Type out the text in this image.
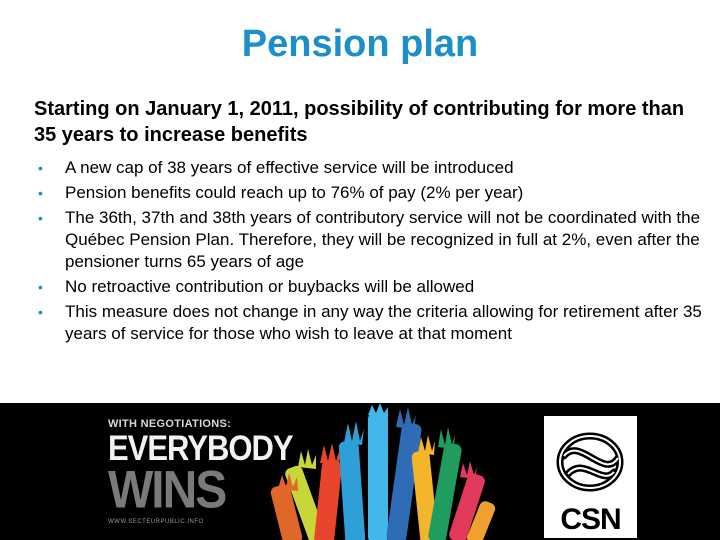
Pension plan
Starting on January 1, 2011, possibility of contributing for more than 35 years to increase benefits
• A new cap of 38 years of effective service will be introduced
• Pension benefits could reach up to 76% of pay (2% per year)
• The 36th, 37th and 38th years of contributory service will not be coordinated with the Québec Pension Plan. Therefore, they will be recognized in full at 2%, even after the pensioner turns 65 years of age
• No retroactive contribution or buybacks will be allowed
• This measure does not change in any way the criteria allowing for retirement after 35 years of service for those who wish to leave at that moment
WITH NEGOTIATIONS:
EVERYBODY
WINS
WWW.SECTEURPUBLIC.INFO	CSN
